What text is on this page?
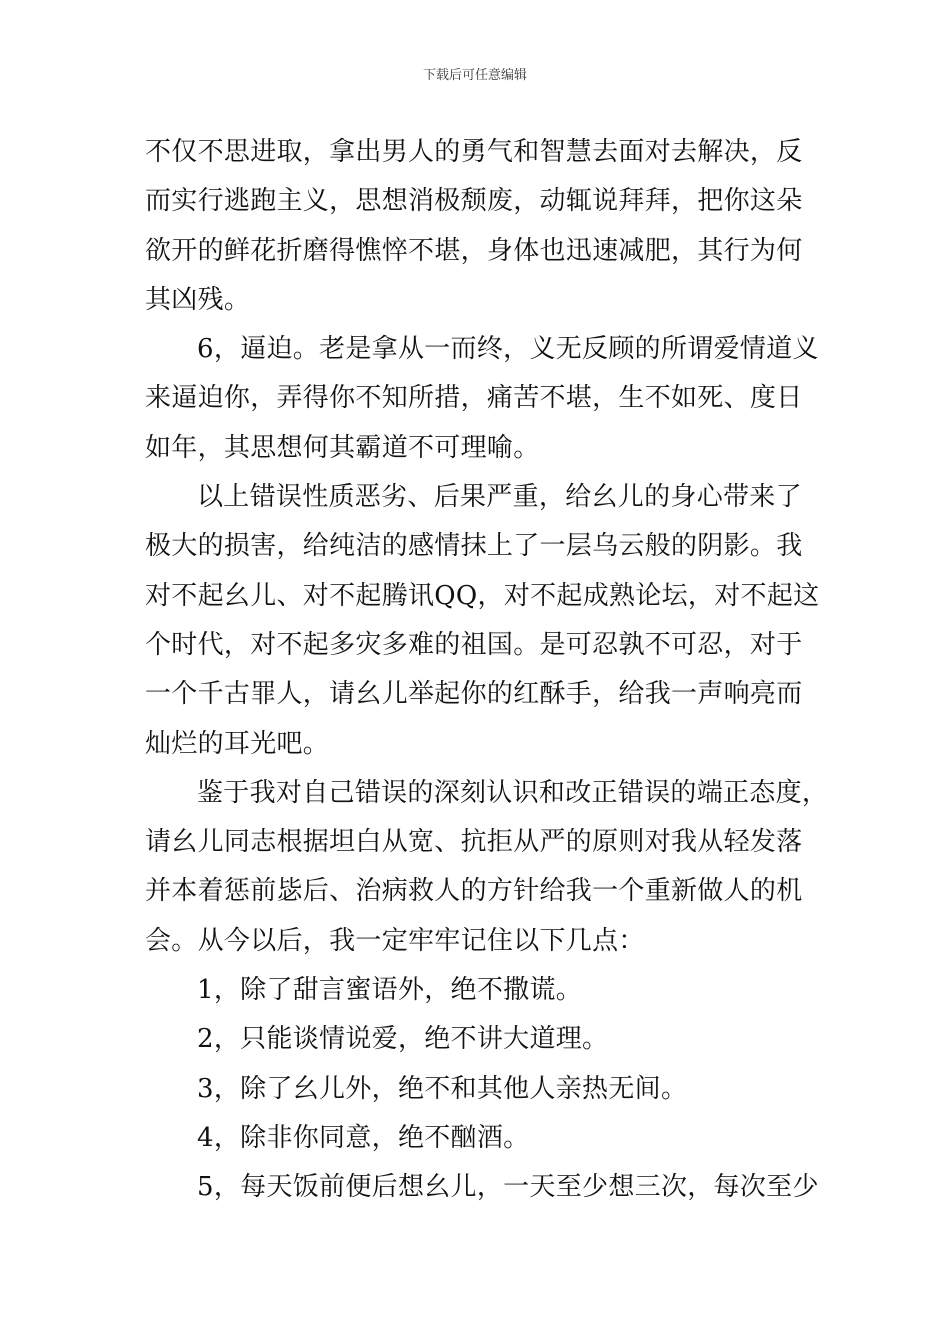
下载后可任意编辑
不仅不思进取，拿出男人的勇气和智慧去面对去解决，反
而实行逃跑主义，思想消极颓废，动辄说拜拜，把你这朵
欲开的鲜花折磨得憔悴不堪，身体也迅速减肥，其行为何
其凶残。
6，逼迫。老是拿从一而终，义无反顾的所谓爱情道义
来逼迫你，弄得你不知所措，痛苦不堪，生不如死、度日
如年，其思想何其霸道不可理喻。
以上错误性质恶劣、后果严重，给幺儿的身心带来了
极大的损害，给纯洁的感情抹上了一层乌云般的阴影。我
对不起幺儿、对不起腾讯QQ，对不起成熟论坛，对不起这
个时代，对不起多灾多难的祖国。是可忍孰不可忍，对于
一个千古罪人，请幺儿举起你的红酥手，给我一声响亮而
灿烂的耳光吧。
鉴于我对自己错误的深刻认识和改正错误的端正态度，
请幺儿同志根据坦白从宽、抗拒从严的原则对我从轻发落
并本着惩前毖后、治病救人的方针给我一个重新做人的机
会。从今以后，我一定牢牢记住以下几点：
1，除了甜言蜜语外，绝不撒谎。
2，只能谈情说爱，绝不讲大道理。
3，除了幺儿外，绝不和其他人亲热无间。
4，除非你同意，绝不酗酒。
5，每天饭前便后想幺儿，一天至少想三次，每次至少
